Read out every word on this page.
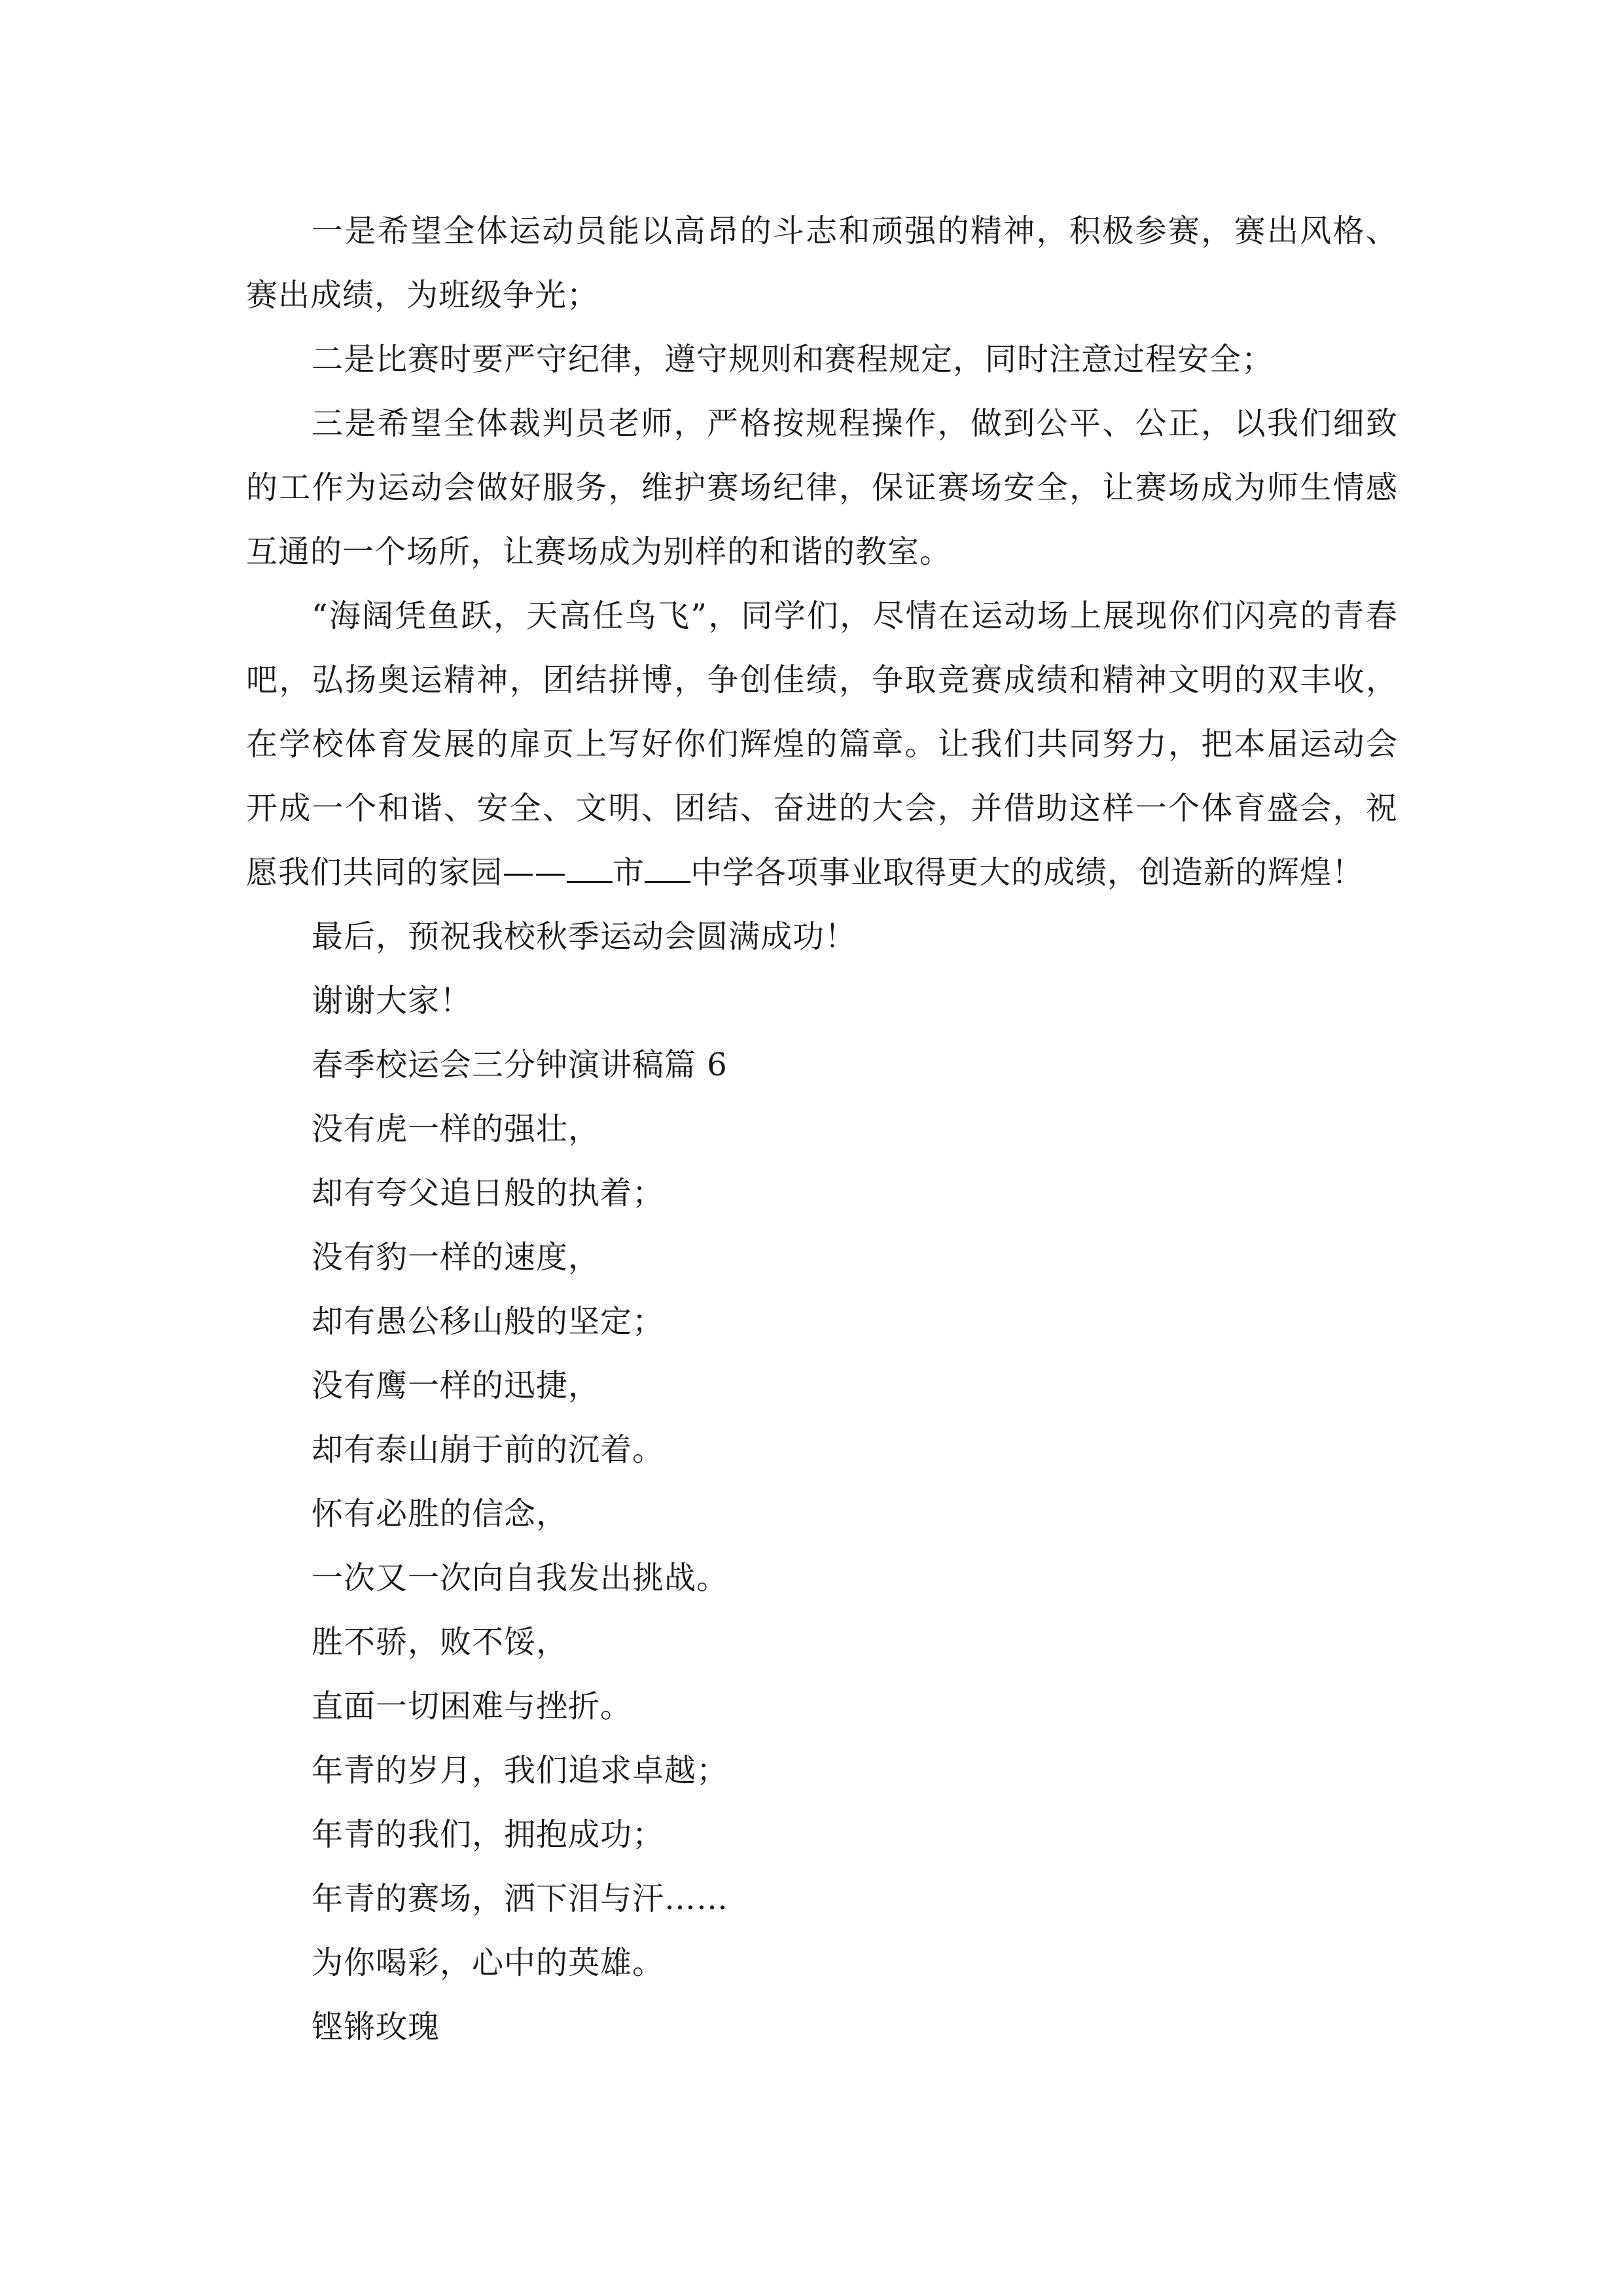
一是希望全体运动员能以高昂的斗志和顽强的精神，积极参赛，赛出风格、赛出成绩，为班级争光；

二是比赛时要严守纪律，遵守规则和赛程规定，同时注意过程安全；

三是希望全体裁判员老师，严格按规程操作，做到公平、公正，以我们细致的工作为运动会做好服务，维护赛场纪律，保证赛场安全，让赛场成为师生情感互通的一个场所，让赛场成为别样的和谐的教室。

“海阔凭鱼跃，天高任鸟飞”，同学们，尽情在运动场上展现你们闪亮的青春吧，弘扬奥运精神，团结拼博，争创佳绩，争取竞赛成绩和精神文明的双丰收，在学校体育发展的扉页上写好你们辉煌的篇章。让我们共同努力，把本届运动会开成一个和谐、安全、文明、团结、奋进的大会，并借助这样一个体育盛会，祝愿我们共同的家园—— 市 中学各项事业取得更大的成绩，创造新的辉煌！

最后，预祝我校秋季运动会圆满成功！

谢谢大家！

春季校运会三分钟演讲稿篇 6

没有虎一样的强壮，

却有夸父追日般的执着；

没有豹一样的速度，

却有愚公移山般的坚定；

没有鹰一样的迅捷，

却有泰山崩于前的沉着。

怀有必胜的信念，

一次又一次向自我发出挑战。

胜不骄，败不馁，

直面一切困难与挫折。

年青的岁月，我们追求卓越；

年青的我们，拥抱成功；

年青的赛场，洒下泪与汗……

为你喝彩，心中的英雄。

铿锵玫瑰
